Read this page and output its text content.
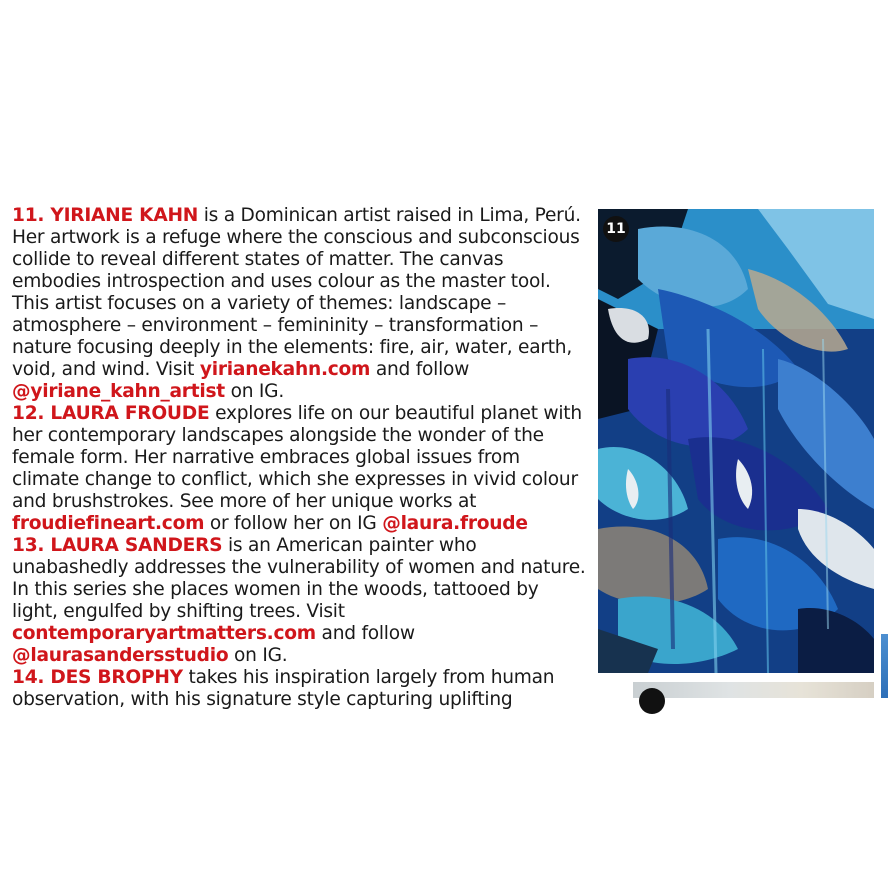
11. YIRIANE KAHN is a Dominican artist raised in Lima, Perú. Her artwork is a refuge where the conscious and subconscious collide to reveal different states of matter. The canvas embodies introspection and uses colour as the master tool. This artist focuses on a variety of themes: landscape – atmosphere – environment – femininity – transformation – nature focusing deeply in the elements: fire, air, water, earth, void, and wind. Visit yirianekahn.com and follow @yiriane_kahn_artist on IG.

12. LAURA FROUDE explores life on our beautiful planet with her contemporary landscapes alongside the wonder of the female form. Her narrative embraces global issues from climate change to conflict, which she expresses in vivid colour and brushstrokes. See more of her unique works at froudiefineart.com or follow her on IG @laura.froude

13. LAURA SANDERS is an American painter who unabashedly addresses the vulnerability of women and nature. In this series she places women in the woods, tattooed by light, engulfed by shifting trees. Visit contemporaryartmatters.com and follow @laurasandersstudio on IG.

14. DES BROPHY takes his inspiration largely from human observation, with his signature style capturing uplifting

11
